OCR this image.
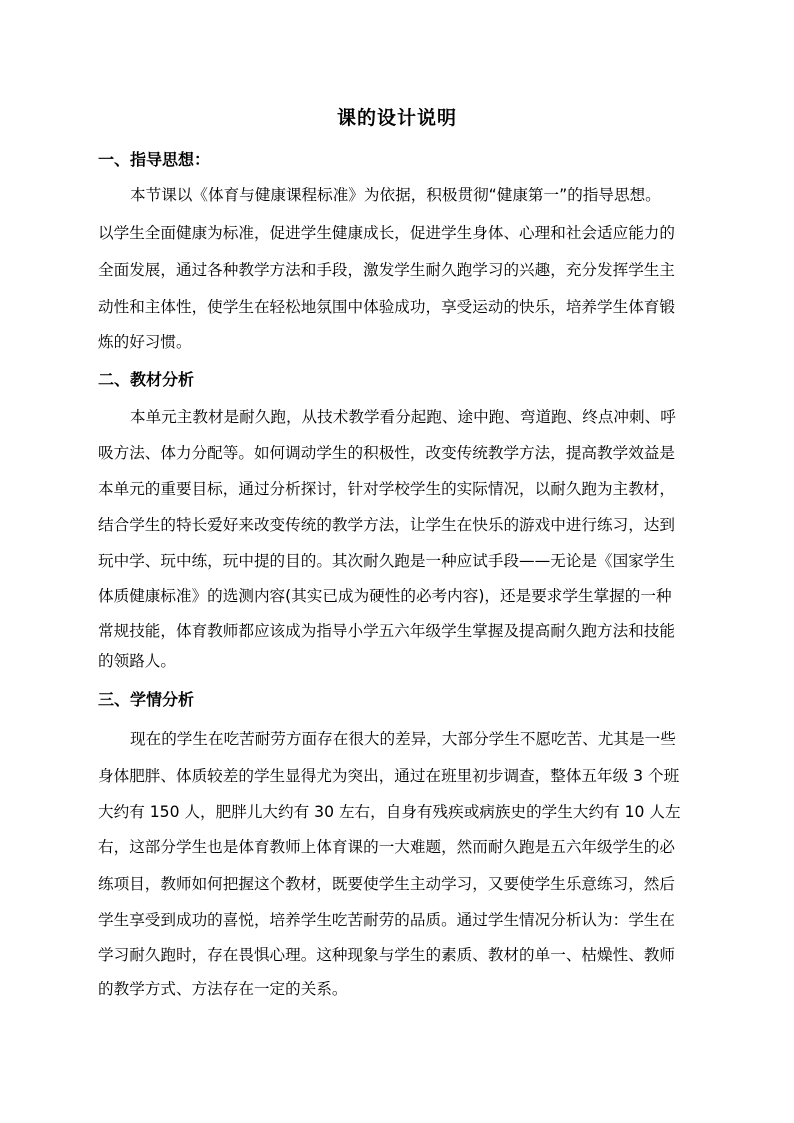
课的设计说明
一、指导思想：
本节课以《体育与健康课程标准》为依据，积极贯彻“健康第一”的指导思想。
以学生全面健康为标准，促进学生健康成长，促进学生身体、心理和社会适应能力的
全面发展，通过各种教学方法和手段，激发学生耐久跑学习的兴趣，充分发挥学生主
动性和主体性，使学生在轻松地氛围中体验成功，享受运动的快乐，培养学生体育锻
炼的好习惯。
二、教材分析
本单元主教材是耐久跑，从技术教学看分起跑、途中跑、弯道跑、终点冲刺、呼
吸方法、体力分配等。如何调动学生的积极性，改变传统教学方法，提高教学效益是
本单元的重要目标，通过分析探讨，针对学校学生的实际情况，以耐久跑为主教材，
结合学生的特长爱好来改变传统的教学方法，让学生在快乐的游戏中进行练习，达到
玩中学、玩中练，玩中提的目的。其次耐久跑是一种应试手段——无论是《国家学生
体质健康标准》的选测内容(其实已成为硬性的必考内容)，还是要求学生掌握的一种
常规技能，体育教师都应该成为指导小学五六年级学生掌握及提高耐久跑方法和技能
的领路人。
三、学情分析
现在的学生在吃苦耐劳方面存在很大的差异，大部分学生不愿吃苦、尤其是一些
身体肥胖、体质较差的学生显得尤为突出，通过在班里初步调查，整体五年级 3 个班
大约有 150 人，肥胖儿大约有 30 左右，自身有残疾或病族史的学生大约有 10 人左
右，这部分学生也是体育教师上体育课的一大难题，然而耐久跑是五六年级学生的必
练项目，教师如何把握这个教材，既要使学生主动学习，又要使学生乐意练习，然后
学生享受到成功的喜悦，培养学生吃苦耐劳的品质。通过学生情况分析认为：学生在
学习耐久跑时，存在畏惧心理。这种现象与学生的素质、教材的单一、枯燥性、教师
的教学方式、方法存在一定的关系。
